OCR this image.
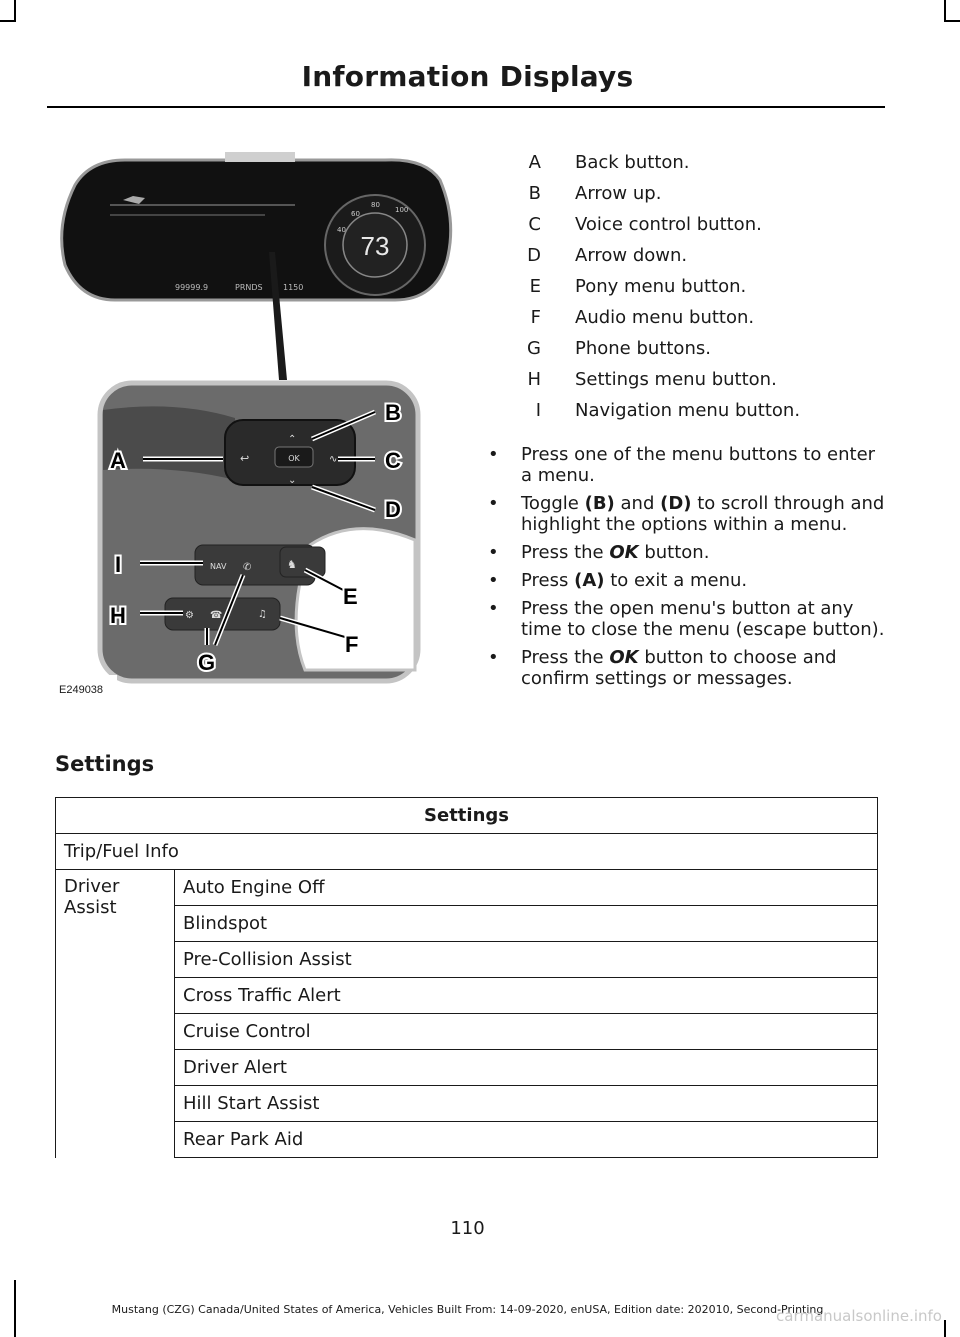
Information Displays
73
60
80
40
100
99999.9	PRNDS	1150
OK
↩
⌃
⌄
∿
NAV ✆	♞
⚙ ☎	♫
A
B
C
D
E
F
G
H
I
E249038
A Back button.
B Arrow up.
C Voice control button.
D Arrow down.
E Pony menu button.
F Audio menu button.
G Phone buttons.
H Settings menu button.
I Navigation menu button.
• Press one of the menu buttons to enter a menu.
• Toggle (B) and (D) to scroll through and highlight the options within a menu.
• Press the OK button.
• Press (A) to exit a menu.
• Press the open menu's button at any time to close the menu (escape button).
• Press the OK button to choose and confirm settings or messages.
Settings
Settings
Trip/Fuel Info
Driver Assist	Auto Engine Off
Blindspot
Pre-Collision Assist
Cross Traffic Alert
Cruise Control
Driver Alert
Hill Start Assist
Rear Park Aid
110
Mustang (CZG) Canada/United States of America, Vehicles Built From: 14-09-2020, enUSA, Edition date: 202010, Second-Printing
carmanualsonline.info
